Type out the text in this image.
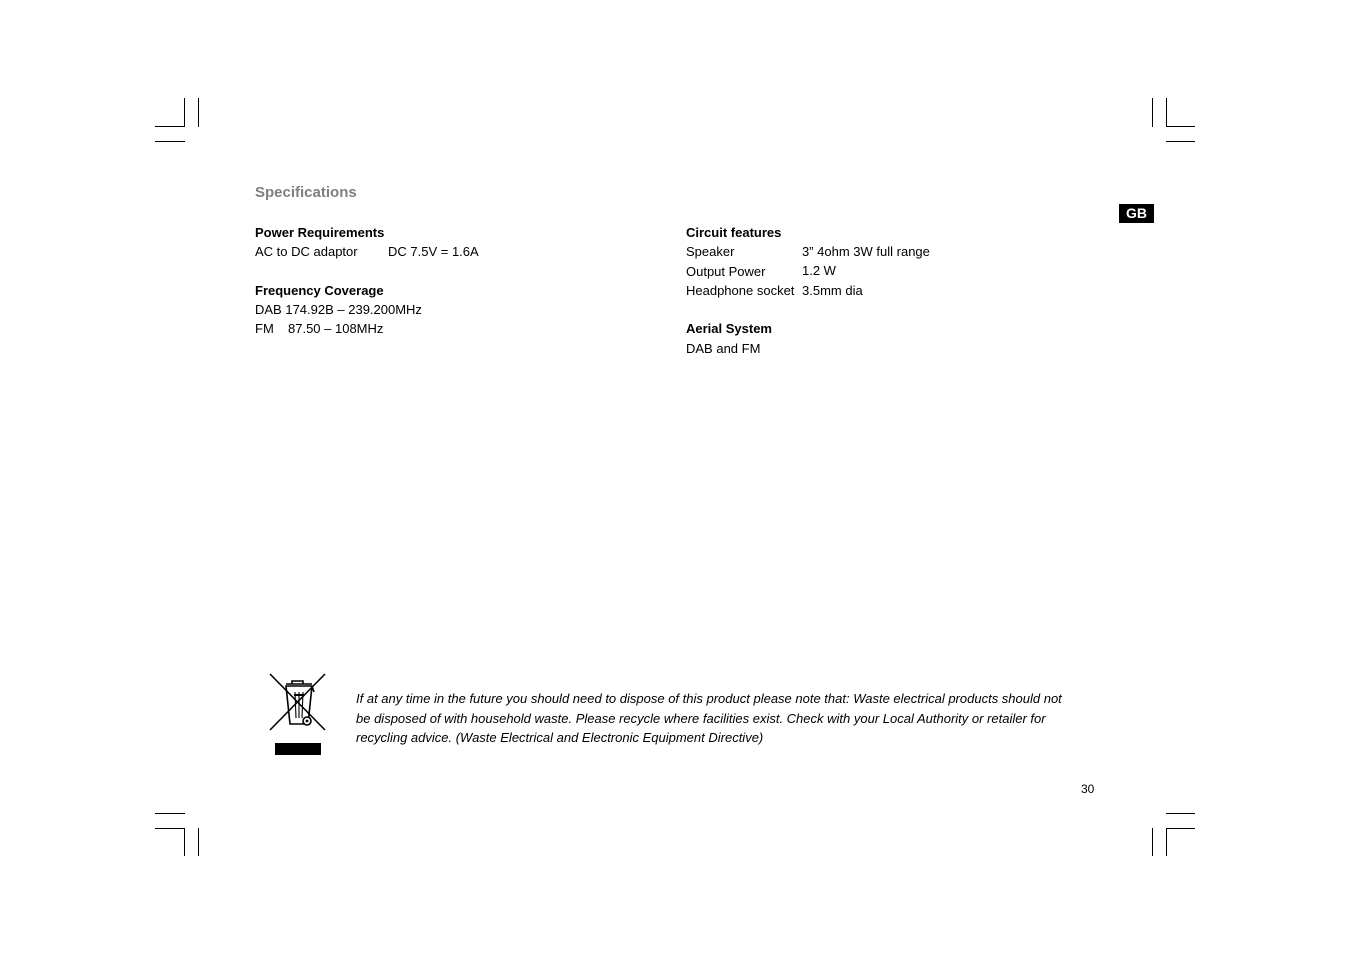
Specifications
GB
Power Requirements
AC to DC adaptor DC 7.5V = 1.6A
Frequency Coverage
DAB 174.92B – 239.200MHz
FM 87.50 – 108MHz
Circuit features
Speaker	3” 4ohm 3W full range
Output Power	1.2 W
Headphone socket 3.5mm dia
Aerial System
DAB and FM
If at any time in the future you should need to dispose of this product please note that: Waste electrical products should not
be disposed of with household waste. Please recycle where facilities exist. Check with your Local Authority or retailer for
recycling advice. (Waste Electrical and Electronic Equipment Directive)
30
